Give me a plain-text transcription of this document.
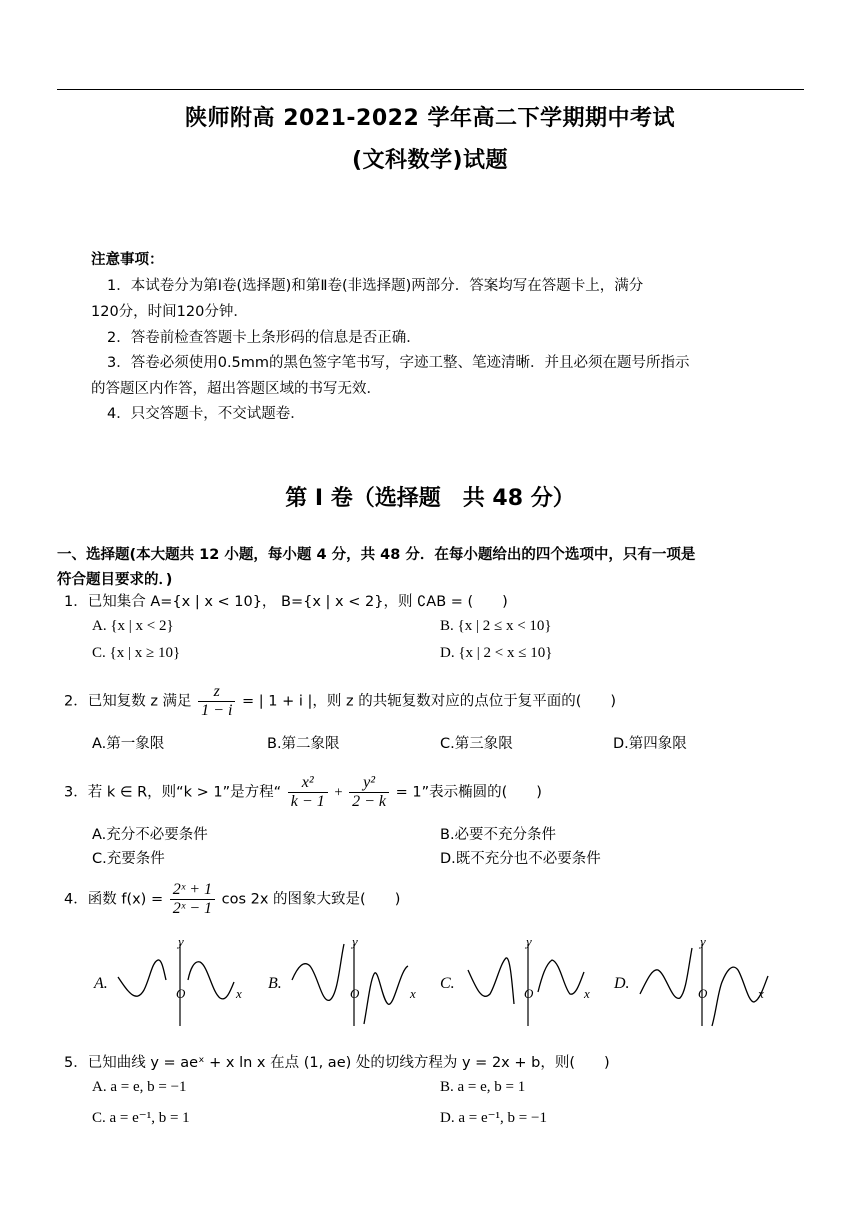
陕师附高 2021-2022 学年高二下学期期中考试
(文科数学)试题
注意事项：
1．本试卷分为第Ⅰ卷(选择题)和第Ⅱ卷(非选择题)两部分．答案均写在答题卡上，满分
120分，时间120分钟．
2．答卷前检查答题卡上条形码的信息是否正确．
3．答卷必须使用0.5mm的黑色签字笔书写，字迹工整、笔迹清晰．并且必须在题号所指示
的答题区内作答，超出答题区域的书写无效．
4．只交答题卡，不交试题卷．
第 Ⅰ 卷（选择题　共 48 分）
一、选择题(本大题共 12 小题，每小题 4 分，共 48 分．在每小题给出的四个选项中，只有一项是
符合题目要求的．)
1．已知集合 A={x | x < 10}， B={x | x < 2}，则 ∁AB = (　　)
A. {x | x < 2}	B. {x | 2 ≤ x < 10}
C. {x | x ≥ 10}	D. {x | 2 < x ≤ 10}
2．已知复数 z 满足 $\frac{z}{1 - i}$ = | 1 + i |，则 z 的共轭复数对应的点位于复平面的(　　)
A.第一象限	B.第二象限	C.第三象限	D.第四象限
3．若 k ∈ R，则“k > 1”是方程“ $\frac{\text{x²}}{k - 1} + \frac{\text{y²}}{2 - k} = 1$”表示椭圆的(　　)
A.充分不必要条件	B.必要不充分条件
C.充要条件	D.既不充分也不必要条件
4．函数 $f(x) = \frac{\text{2ˣ + 1}}{\text{2ˣ − 1}}$ cos 2x 的图象大致是(　　)
A.
y
O	x
B.
y
O	x
C.
y
O	x
D.
y
O	x
5．已知曲线 y = aeˣ + x ln x 在点 (1, ae) 处的切线方程为 y = 2x + b，则(　　)
A. a = e, b = −1	B. a = e, b = 1
C. a = e⁻¹, b = 1	D. a = e⁻¹, b = −1
